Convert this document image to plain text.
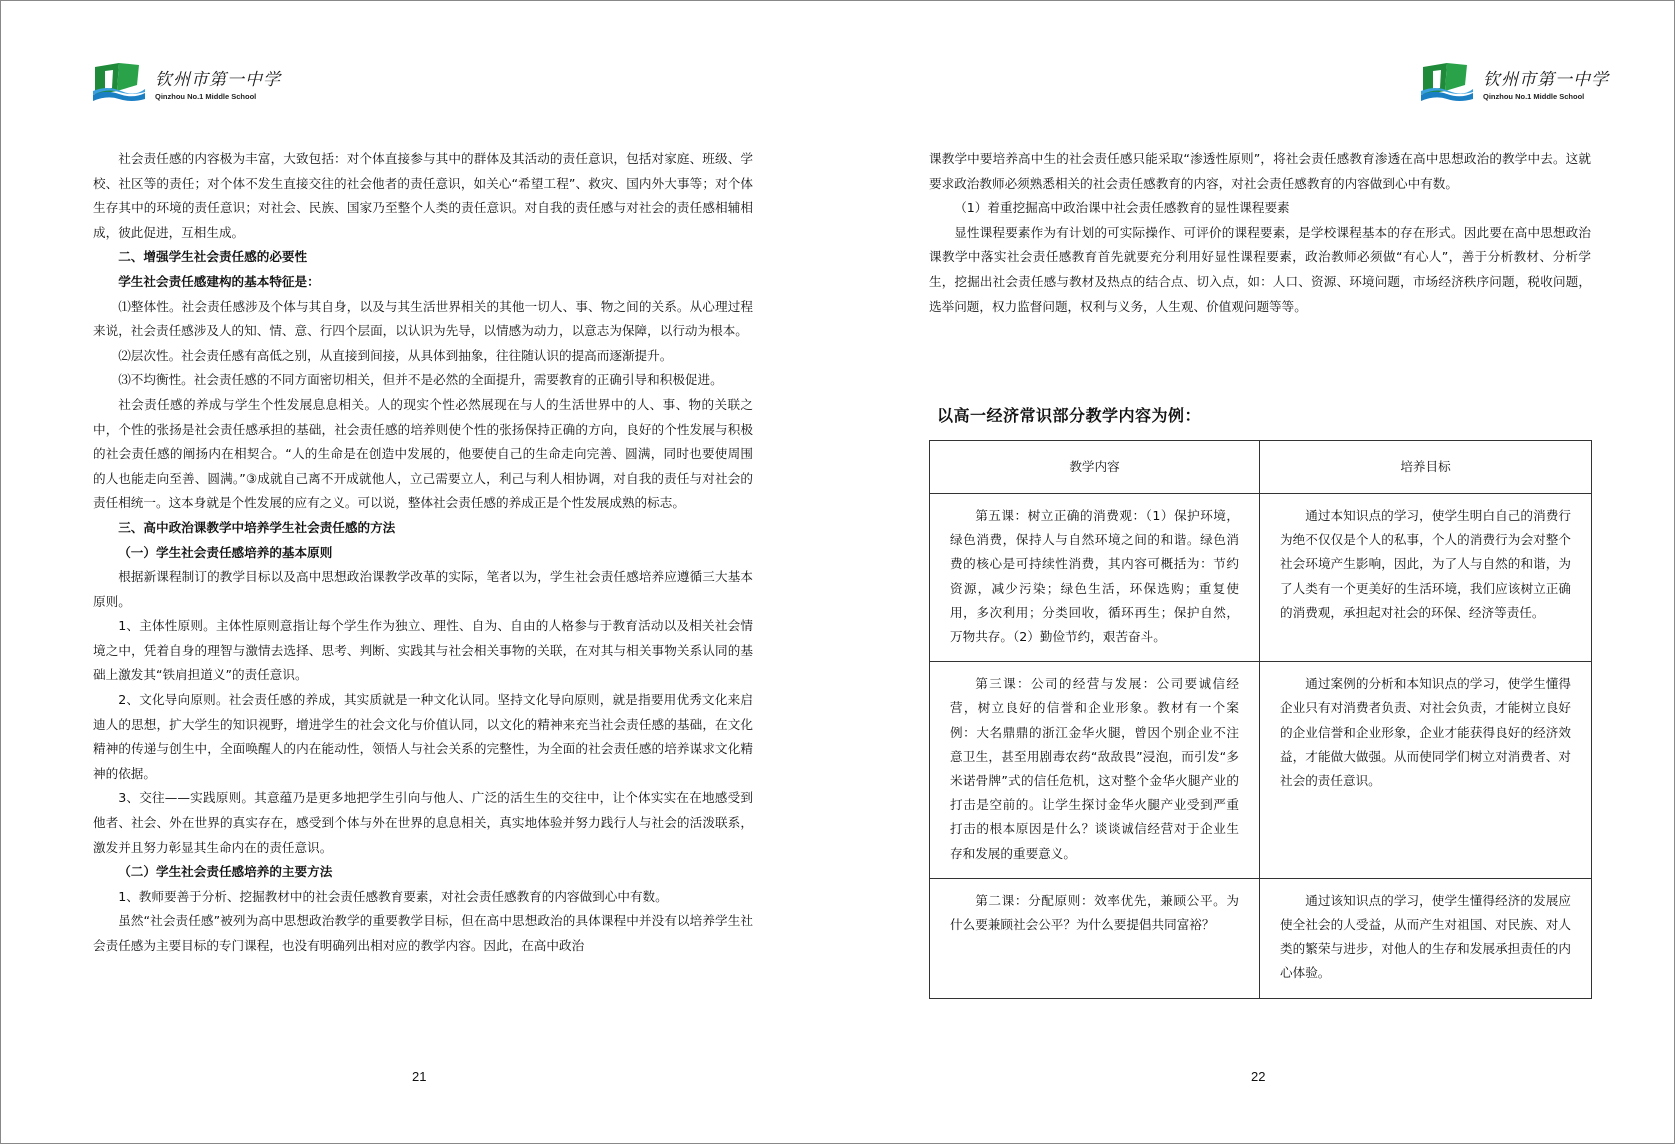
钦州市第一中学
Qinzhou No.1 Middle School

社会责任感的内容极为丰富，大致包括：对个体直接参与其中的群体及其活动的责任意识，包括对家庭、班级、学校、社区等的责任；对个体不发生直接交往的社会他者的责任意识，如关心“希望工程”、救灾、国内外大事等；对个体生存其中的环境的责任意识；对社会、民族、国家乃至整个人类的责任意识。对自我的责任感与对社会的责任感相辅相成，彼此促进，互相生成。

二、增强学生社会责任感的必要性

学生社会责任感建构的基本特征是：

⑴整体性。社会责任感涉及个体与其自身，以及与其生活世界相关的其他一切人、事、物之间的关系。从心理过程来说，社会责任感涉及人的知、情、意、行四个层面，以认识为先导，以情感为动力，以意志为保障，以行动为根本。

⑵层次性。社会责任感有高低之别，从直接到间接，从具体到抽象，往往随认识的提高而逐渐提升。

⑶不均衡性。社会责任感的不同方面密切相关，但并不是必然的全面提升，需要教育的正确引导和积极促进。

社会责任感的养成与学生个性发展息息相关。人的现实个性必然展现在与人的生活世界中的人、事、物的关联之中，个性的张扬是社会责任感承担的基础，社会责任感的培养则使个性的张扬保持正确的方向，良好的个性发展与积极的社会责任感的阐扬内在相契合。“人的生命是在创造中发展的，他要使自己的生命走向完善、圆满，同时也要使周围的人也能走向至善、圆满。”③成就自己离不开成就他人，立己需要立人，利己与利人相协调，对自我的责任与对社会的责任相统一。这本身就是个性发展的应有之义。可以说，整体社会责任感的养成正是个性发展成熟的标志。

三、高中政治课教学中培养学生社会责任感的方法

（一）学生社会责任感培养的基本原则

根据新课程制订的教学目标以及高中思想政治课教学改革的实际，笔者以为，学生社会责任感培养应遵循三大基本原则。

1、主体性原则。主体性原则意指让每个学生作为独立、理性、自为、自由的人格参与于教育活动以及相关社会情境之中，凭着自身的理智与激情去选择、思考、判断、实践其与社会相关事物的关联，在对其与相关事物关系认同的基础上激发其“铁肩担道义”的责任意识。

2、文化导向原则。社会责任感的养成，其实质就是一种文化认同。坚持文化导向原则，就是指要用优秀文化来启迪人的思想，扩大学生的知识视野，增进学生的社会文化与价值认同，以文化的精神来充当社会责任感的基础，在文化精神的传递与创生中，全面唤醒人的内在能动性，领悟人与社会关系的完整性，为全面的社会责任感的培养谋求文化精神的依据。

3、交往——实践原则。其意蕴乃是更多地把学生引向与他人、广泛的活生生的交往中，让个体实实在在地感受到他者、社会、外在世界的真实存在，感受到个体与外在世界的息息相关，真实地体验并努力践行人与社会的活泼联系，激发并且努力彰显其生命内在的责任意识。

（二）学生社会责任感培养的主要方法

1、教师要善于分析、挖掘教材中的社会责任感教育要素，对社会责任感教育的内容做到心中有数。

虽然“社会责任感”被列为高中思想政治教学的重要教学目标，但在高中思想政治的具体课程中并没有以培养学生社会责任感为主要目标的专门课程，也没有明确列出相对应的教学内容。因此，在高中政治

21
钦州市第一中学
Qinzhou No.1 Middle School

课教学中要培养高中生的社会责任感只能采取“渗透性原则”，将社会责任感教育渗透在高中思想政治的教学中去。这就要求政治教师必须熟悉相关的社会责任感教育的内容，对社会责任感教育的内容做到心中有数。

（1）着重挖掘高中政治课中社会责任感教育的显性课程要素

显性课程要素作为有计划的可实际操作、可评价的课程要素，是学校课程基本的存在形式。因此要在高中思想政治课教学中落实社会责任感教育首先就要充分利用好显性课程要素，政治教师必须做“有心人”，善于分析教材、分析学生，挖掘出社会责任感与教材及热点的结合点、切入点，如：人口、资源、环境问题，市场经济秩序问题，税收问题，选举问题，权力监督问题，权利与义务，人生观、价值观问题等等。

以高一经济常识部分教学内容为例：
教学内容	培养目标

第五课：树立正确的消费观：（1）保护环境，绿色消费，保持人与自然环境之间的和谐。绿色消费的核心是可持续性消费，其内容可概括为：节约资源，减少污染；绿色生活，环保选购；重复使用，多次利用；分类回收，循环再生；保护自然，万物共存。（2）勤俭节约，艰苦奋斗。	通过本知识点的学习，使学生明白自己的消费行为绝不仅仅是个人的私事，个人的消费行为会对整个社会环境产生影响，因此，为了人与自然的和谐，为了人类有一个更美好的生活环境，我们应该树立正确的消费观，承担起对社会的环保、经济等责任。

第三课：公司的经营与发展：公司要诚信经营，树立良好的信誉和企业形象。教材有一个案例：大名鼎鼎的浙江金华火腿，曾因个别企业不注意卫生，甚至用剧毒农药“敌敌畏”浸泡，而引发“多米诺骨牌”式的信任危机，这对整个金华火腿产业的打击是空前的。让学生探讨金华火腿产业受到严重打击的根本原因是什么？谈谈诚信经营对于企业生存和发展的重要意义。	通过案例的分析和本知识点的学习，使学生懂得企业只有对消费者负责、对社会负责，才能树立良好的企业信誉和企业形象，企业才能获得良好的经济效益，才能做大做强。从而使同学们树立对消费者、对社会的责任意识。

第二课：分配原则：效率优先，兼顾公平。为什么要兼顾社会公平？为什么要提倡共同富裕？	通过该知识点的学习，使学生懂得经济的发展应使全社会的人受益，从而产生对祖国、对民族、对人类的繁荣与进步，对他人的生存和发展承担责任的内心体验。

22
